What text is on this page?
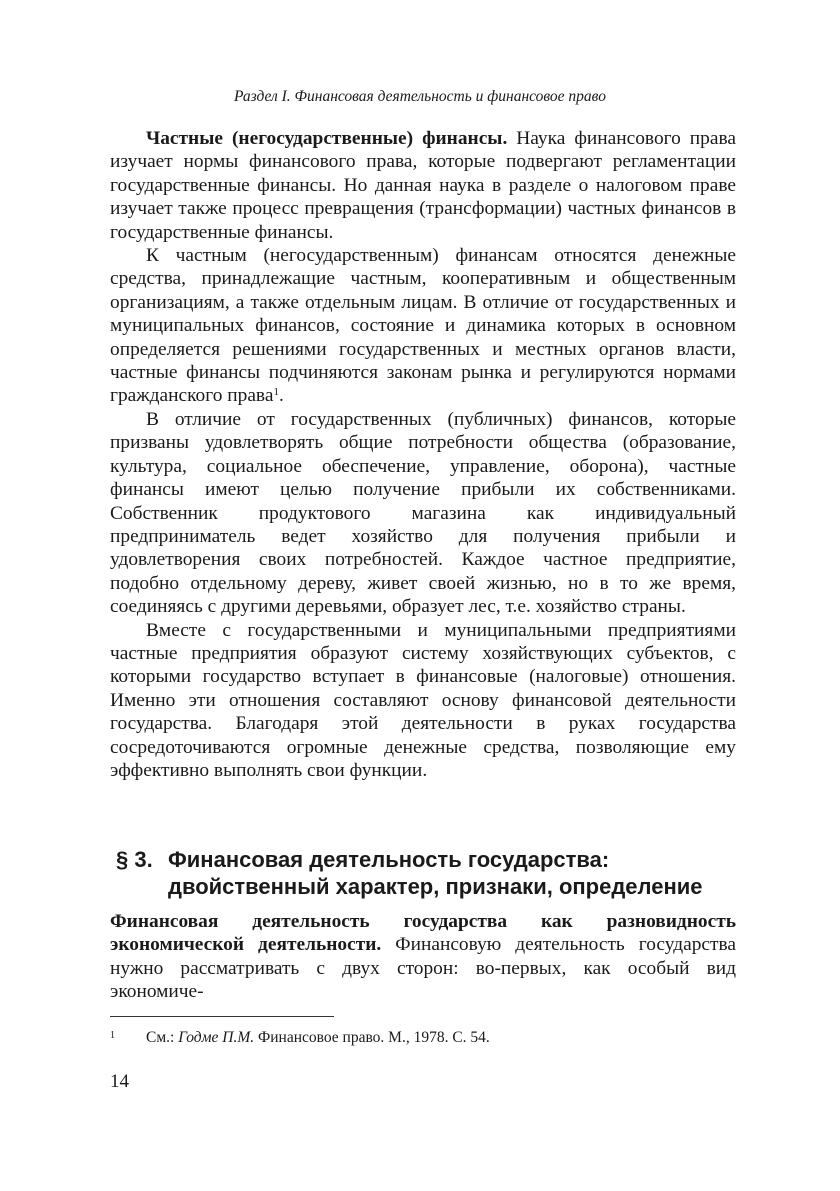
Раздел I. Финансовая деятельность и финансовое право

Частные (негосударственные) финансы. Наука финансового права изучает нормы финансового права, которые подвергают регламентации государственные финансы. Но данная наука в разделе о налоговом праве изучает также процесс превращения (трансформации) частных финансов в государственные финансы.

К частным (негосударственным) финансам относятся денежные средства, принадлежащие частным, кооперативным и общественным организациям, а также отдельным лицам. В отличие от государственных и муниципальных финансов, состояние и динамика которых в основном определяется решениями государственных и местных органов власти, частные финансы подчиняются законам рынка и регулируются нормами гражданского права$^1$.

В отличие от государственных (публичных) финансов, которые призваны удовлетворять общие потребности общества (образование, культура, социальное обеспечение, управление, оборона), частные финансы имеют целью получение прибыли их собственниками. Собственник продуктового магазина как индивидуальный предприниматель ведет хозяйство для получения прибыли и удовлетворения своих потребностей. Каждое частное предприятие, подобно отдельному дереву, живет своей жизнью, но в то же время, соединяясь с другими деревьями, образует лес, т.е. хозяйство страны.

Вместе с государственными и муниципальными предприятиями частные предприятия образуют систему хозяйствующих субъектов, с которыми государство вступает в финансовые (налоговые) отношения. Именно эти отношения составляют основу финансовой деятельности государства. Благодаря этой деятельности в руках государства сосредоточиваются огромные денежные средства, позволяющие ему эффективно выполнять свои функции.

§ 3. Финансовая деятельность государства: двойственный характер, признаки, определение

Финансовая деятельность государства как разновидность экономической деятельности. Финансовую деятельность государства нужно рассматривать с двух сторон: во-первых, как особый вид экономиче-

1 См.: Годме П.М. Финансовое право. М., 1978. С. 54.
14
